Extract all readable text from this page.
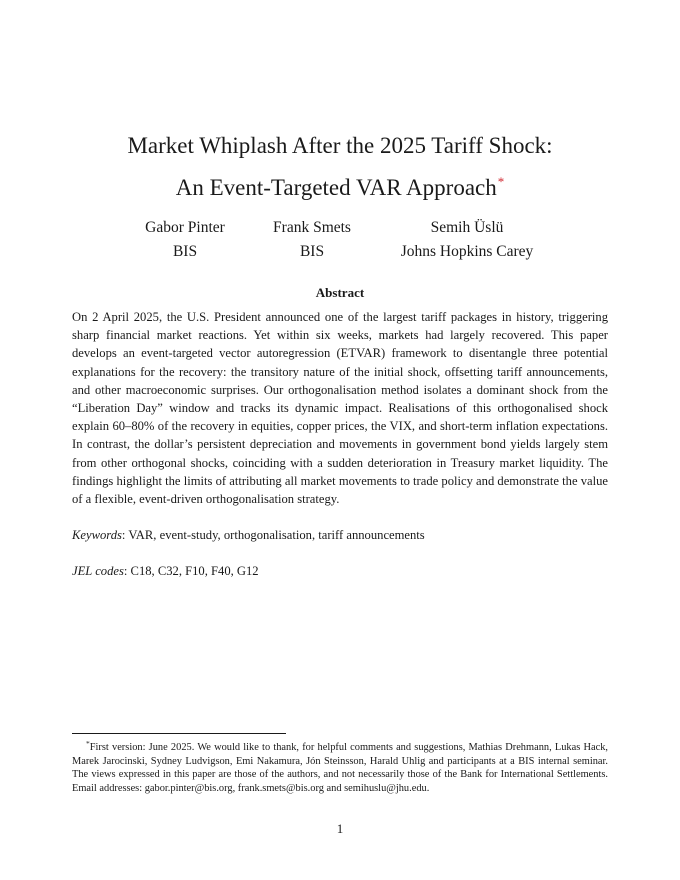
Market Whiplash After the 2025 Tariff Shock:
An Event-Targeted VAR Approach*
Gabor Pinter
BIS
Frank Smets
BIS
Semih Üslü
Johns Hopkins Carey
Abstract
On 2 April 2025, the U.S. President announced one of the largest tariff packages in history, triggering sharp financial market reactions. Yet within six weeks, markets had largely recovered. This paper develops an event-targeted vector autoregression (ETVAR) framework to disentangle three potential explanations for the recovery: the transitory nature of the initial shock, offsetting tariff announcements, and other macroeconomic surprises. Our orthogonalisation method isolates a dominant shock from the “Liberation Day” window and tracks its dynamic impact. Realisations of this orthogonalised shock explain 60–80% of the recovery in equities, copper prices, the VIX, and short-term inflation expectations. In contrast, the dollar’s persistent depreciation and movements in government bond yields largely stem from other orthogonal shocks, coinciding with a sudden deterioration in Treasury market liquidity. The findings highlight the limits of attributing all market movements to trade policy and demonstrate the value of a flexible, event-driven orthogonalisation strategy.
Keywords: VAR, event-study, orthogonalisation, tariff announcements
JEL codes: C18, C32, F10, F40, G12
*First version: June 2025. We would like to thank, for helpful comments and suggestions, Mathias Drehmann, Lukas Hack, Marek Jarocinski, Sydney Ludvigson, Emi Nakamura, Jón Steinsson, Harald Uhlig and participants at a BIS internal seminar. The views expressed in this paper are those of the authors, and not necessarily those of the Bank for International Settlements. Email addresses: gabor.pinter@bis.org, frank.smets@bis.org and semihuslu@jhu.edu.
1
